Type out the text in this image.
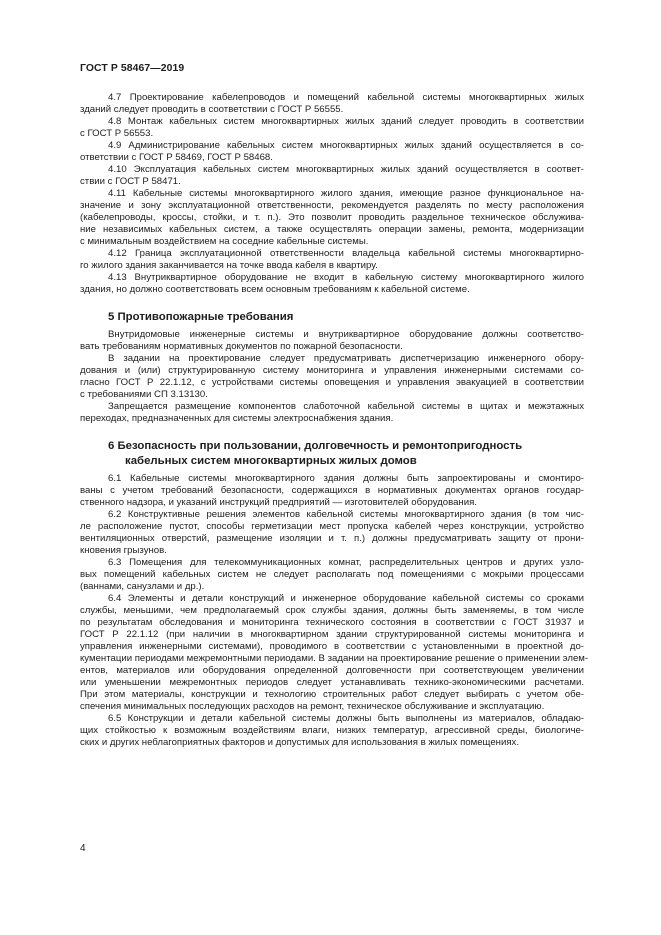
ГОСТ Р 58467—2019
4.7 Проектирование кабелепроводов и помещений кабельной системы многоквартирных жилых
зданий следует проводить в соответствии с ГОСТ Р 56555.
4.8 Монтаж кабельных систем многоквартирных жилых зданий следует проводить в соответствии
с ГОСТ Р 56553.
4.9 Администрирование кабельных систем многоквартирных жилых зданий осуществляется в со-
ответствии с ГОСТ Р 58469, ГОСТ Р 58468.
4.10 Эксплуатация кабельных систем многоквартирных жилых зданий осуществляется в соответ-
ствии с ГОСТ Р 58471.
4.11 Кабельные системы многоквартирного жилого здания, имеющие разное функциональное на-
значение и зону эксплуатационной ответственности, рекомендуется разделять по месту расположения
(кабелепроводы, кроссы, стойки, и т. п.). Это позволит проводить раздельное техническое обслужива-
ние независимых кабельных систем, а также осуществлять операции замены, ремонта, модернизации
с минимальным воздействием на соседние кабельные системы.
4.12 Граница эксплуатационной ответственности владельца кабельной системы многоквартирно-
го жилого здания заканчивается на точке ввода кабеля в квартиру.
4.13 Внутриквартирное оборудование не входит в кабельную систему многоквартирного жилого
здания, но должно соответствовать всем основным требованиям к кабельной системе.
5 Противопожарные требования
Внутридомовые инженерные системы и внутриквартирное оборудование должны соответство-
вать требованиям нормативных документов по пожарной безопасности.
В задании на проектирование следует предусматривать диспетчеризацию инженерного обору-
дования и (или) структурированную систему мониторинга и управления инженерными системами со-
гласно ГОСТ Р 22.1.12, с устройствами системы оповещения и управления эвакуацией в соответствии
с требованиями СП 3.13130.
Запрещается размещение компонентов слаботочной кабельной системы в щитах и межэтажных
переходах, предназначенных для системы электроснабжения здания.
6 Безопасность при пользовании, долговечность и ремонтопригодность
кабельных систем многоквартирных жилых домов
6.1 Кабельные системы многоквартирного здания должны быть запроектированы и смонтиро-
ваны с учетом требований безопасности, содержащихся в нормативных документах органов государ-
ственного надзора, и указаний инструкций предприятий — изготовителей оборудования.
6.2 Конструктивные решения элементов кабельной системы многоквартирного здания (в том чис-
ле расположение пустот, способы герметизации мест пропуска кабелей через конструкции, устройство
вентиляционных отверстий, размещение изоляции и т. п.) должны предусматривать защиту от прони-
кновения грызунов.
6.3 Помещения для телекоммуникационных комнат, распределительных центров и других узло-
вых помещений кабельных систем не следует располагать под помещениями с мокрыми процессами
(ваннами, санузлами и др.).
6.4 Элементы и детали конструкций и инженерное оборудование кабельной системы со сроками
службы, меньшими, чем предполагаемый срок службы здания, должны быть заменяемы, в том числе
по результатам обследования и мониторинга технического состояния в соответствии с ГОСТ 31937 и
ГОСТ Р 22.1.12 (при наличии в многоквартирном здании структурированной системы мониторинга и
управления инженерными системами), проводимого в соответствии с установленными в проектной до-
кументации периодами межремонтными периодами. В задании на проектирование решение о применении элем-
ентов, материалов или оборудования определенной долговечности при соответствующем увеличении
или уменьшении межремонтных периодов следует устанавливать технико-экономическими расчетами.
При этом материалы, конструкции и технологию строительных работ следует выбирать с учетом обе-
спечения минимальных последующих расходов на ремонт, техническое обслуживание и эксплуатацию.
6.5 Конструкции и детали кабельной системы должны быть выполнены из материалов, обладаю-
щих стойкостью к возможным воздействиям влаги, низких температур, агрессивной среды, биологиче-
ских и других неблагоприятных факторов и допустимых для использования в жилых помещениях.
4
